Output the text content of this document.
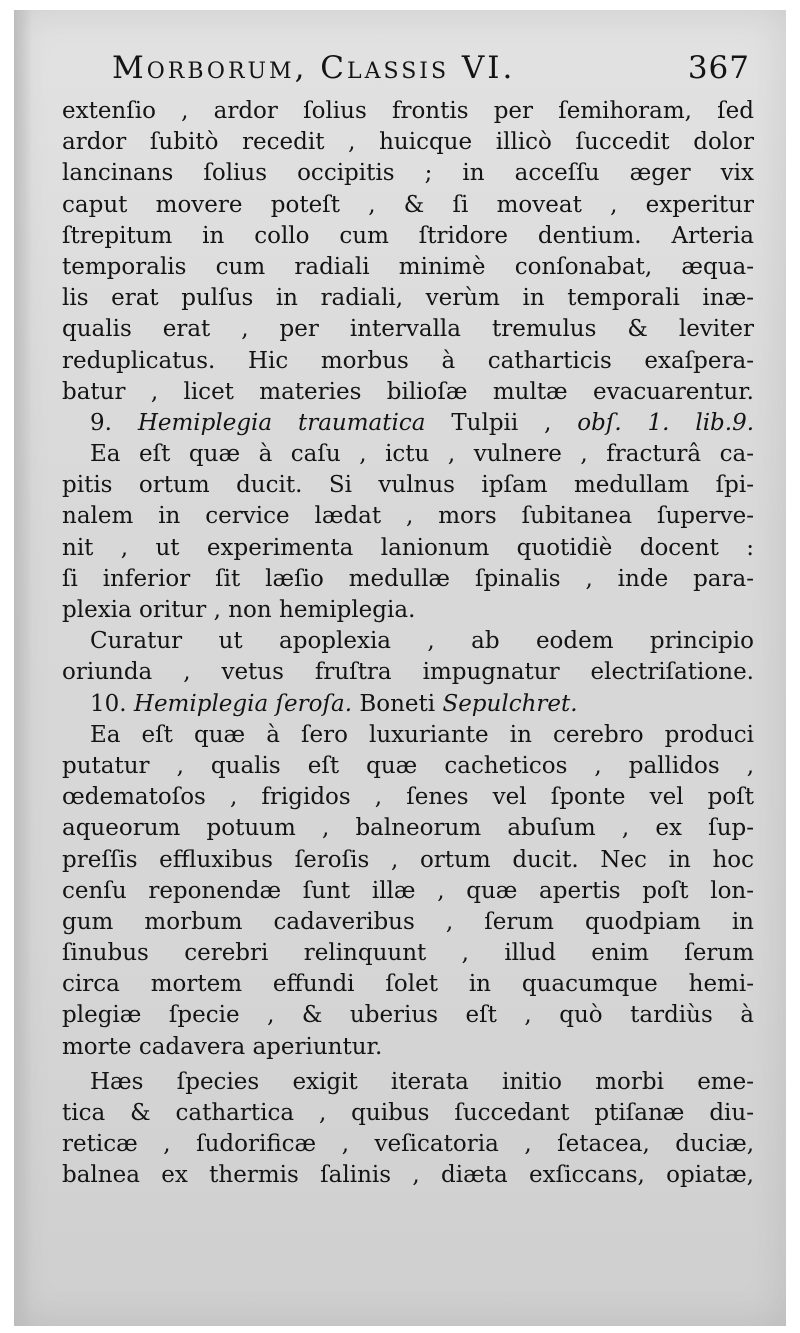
Morborum, Classis VI.	367
extenſio , ardor ſolius frontis per ſemihoram, ſed
ardor ſubitò recedit , huicque illicò ſuccedit dolor
lancinans ſolius occipitis ; in acceſſu æger vix
caput movere poteſt , & ſi moveat , experitur
ſtrepitum in collo cum ſtridore dentium. Arteria
temporalis cum radiali minimè conſonabat, æqua-
lis erat pulſus in radiali, verùm in temporali inæ-
qualis erat , per intervalla tremulus & leviter
reduplicatus. Hic morbus à catharticis exaſpera-
batur , licet materies bilioſæ multæ evacuarentur.
9. Hemiplegia traumatica Tulpii , obſ. 1. lib.9.
Ea eſt quæ à caſu , ictu , vulnere , fracturâ ca-
pitis ortum ducit. Si vulnus ipſam medullam ſpi-
nalem in cervice lædat , mors ſubitanea ſuperve-
nit , ut experimenta lanionum quotidiè docent :
ſi inferior ſit læſio medullæ ſpinalis , inde para-
plexia oritur , non hemiplegia.
Curatur ut apoplexia , ab eodem principio
oriunda , vetus fruſtra impugnatur electriſatione.
10. Hemiplegia ſeroſa. Boneti Sepulchret.
Ea eſt quæ à ſero luxuriante in cerebro produci
putatur , qualis eſt quæ cacheticos , pallidos ,
œdematoſos , frigidos , ſenes vel ſponte vel poſt
aqueorum potuum , balneorum abuſum , ex ſup-
preſſis effluxibus ſeroſis , ortum ducit. Nec in hoc
cenſu reponendæ ſunt illæ , quæ apertis poſt lon-
gum morbum cadaveribus , ſerum quodpiam in
ſinubus cerebri relinquunt , illud enim ſerum
circa mortem effundi ſolet in quacumque hemi-
plegiæ ſpecie , & uberius eſt , quò tardiùs à
morte cadavera aperiuntur.
Hæs ſpecies exigit iterata initio morbi eme-
tica & cathartica , quibus ſuccedant ptiſanæ diu-
reticæ , ſudorificæ , veſicatoria , ſetacea, duciæ,
balnea ex thermis ſalinis , diæta exſiccans, opiatæ,
